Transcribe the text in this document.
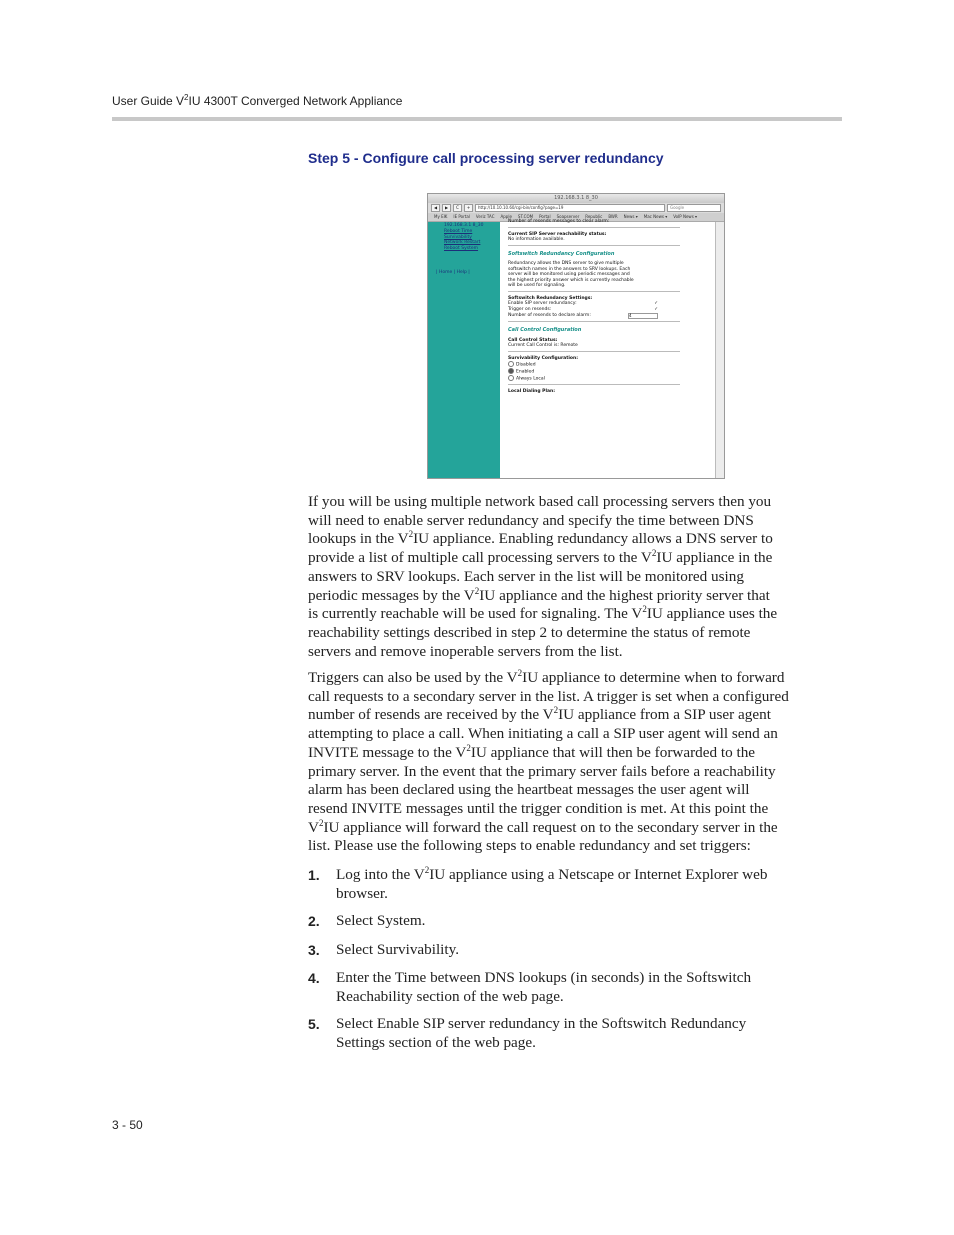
User Guide $V^2IU$ 4300T Converged Network Appliance
Step 5 - Configure call processing server redundancy
192.168.3.1 8_30
◀	▶	C	+	http://10.10.10.60/cgi-bin/config?page=19	Google
My EIK IE Portal Veriz TAC Apple ST.COM Portal Soapserver Republic BWR News ▾ Mac News ▾ VoIP News ▾
192.168.3.1 8_30
Reboot Time
Survivability
Network Restart
Reboot System
| Home | Help |
Number of resends messages to clear alarm:
Current SIP Server reachability status:
No information available.
Softswitch Redundancy Configuration
Redundancy allows the DNS server to give multiple
softswitch names in the answers to SRV lookups. Each
server will be monitored using periodic messages and
the highest priority answer which is currently reachable
will be used for signaling.
Softswitch Redundancy Settings:
Enable SIP server redundancy:	✓
Trigger on resends:	✓
Number of resends to declare alarm:	4
Call Control Configuration
Call Control Status:
Current Call Control is: Remote
Survivability Configuration:
Disabled
Enabled
Always Local
Local Dialing Plan:

If you will be using multiple network based call processing servers then you

will need to enable server redundancy and specify the time between DNS

lookups in the $V^2IU$ appliance. Enabling redundancy allows a DNS server to

provide a list of multiple call processing servers to the $V^2IU$ appliance in the

answers to SRV lookups. Each server in the list will be monitored using

periodic messages by the $V^2IU$ appliance and the highest priority server that

is currently reachable will be used for signaling. The $V^2IU$ appliance uses the

reachability settings described in step 2 to determine the status of remote

servers and remove inoperable servers from the list.

Triggers can also be used by the $V^2IU$ appliance to determine when to forward

call requests to a secondary server in the list. A trigger is set when a configured

number of resends are received by the $V^2IU$ appliance from a SIP user agent

attempting to place a call. When initiating a call a SIP user agent will send an

INVITE message to the $V^2IU$ appliance that will then be forwarded to the

primary server. In the event that the primary server fails before a reachability

alarm has been declared using the heartbeat messages the user agent will

resend INVITE messages until the trigger condition is met. At this point the

$V^2IU$ appliance will forward the call request on to the secondary server in the

list. Please use the following steps to enable redundancy and set triggers:

1. Log into the $V^2IU$ appliance using a Netscape or Internet Explorer web
browser.
2. Select System.
3. Select Survivability.
4. Enter the Time between DNS lookups (in seconds) in the Softswitch
Reachability section of the web page.
5. Select Enable SIP server redundancy in the Softswitch Redundancy
Settings section of the web page.
3 - 50
